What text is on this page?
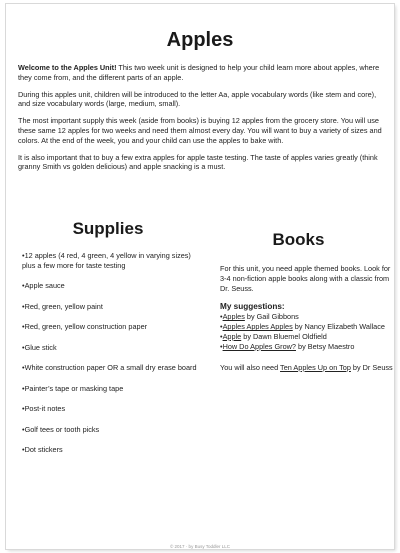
Apples

Welcome to the Apples Unit! This two week unit is designed to help your child learn more about apples, where they come from, and the different parts of an apple.

During this apples unit, children will be introduced to the letter Aa, apple vocabulary words (like stem and core), and size vocabulary words (large, medium, small).

The most important supply this week (aside from books) is buying 12 apples from the grocery store. You will use these same 12 apples for two weeks and need them almost every day. You will want to buy a variety of sizes and colors. At the end of the week, you and your child can use the apples to bake with.

It is also important that to buy a few extra apples for apple taste testing. The taste of apples varies greatly (think granny Smith vs golden delicious) and apple snacking is a must.

Supplies
• 12 apples (4 red, 4 green, 4 yellow in varying sizes) plus a few more for taste testing
• Apple sauce
• Red, green, yellow paint
• Red, green, yellow construction paper
• Glue stick
• White construction paper OR a small dry erase board
• Painter’s tape or masking tape
• Post-it notes
• Golf tees or tooth picks
• Dot stickers
Books

For this unit, you need apple themed books. Look for 3-4 non-fiction apple books along with a classic from Dr. Seuss.

My suggestions:
• Apples by Gail Gibbons
• Apples Apples Apples by Nancy Elizabeth Wallace
• Apple by Dawn Bluemel Oldfield
• How Do Apples Grow? by Betsy Maestro

You will also need Ten Apples Up on Top by Dr Seuss

© 2017 · by Busy Toddler LLC
